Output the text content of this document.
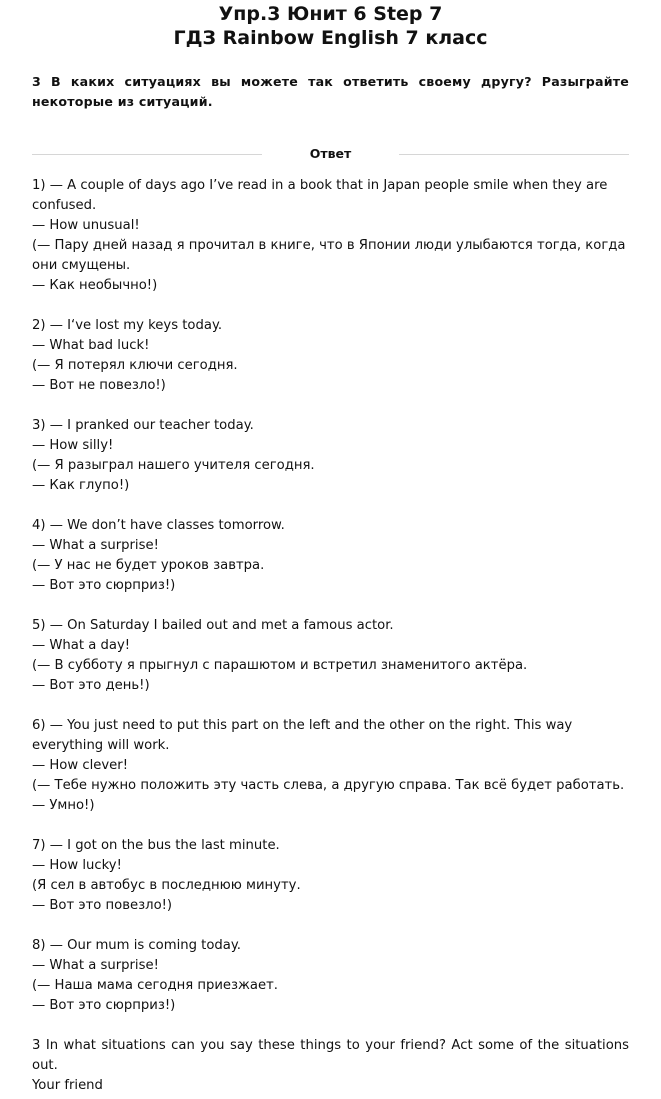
Упр.3 Юнит 6 Step 7
ГДЗ Rainbow English 7 класс
3 В каких ситуациях вы можете так ответить своему другу? Разыграйте некоторые из ситуаций.
Ответ
1) — A couple of days ago I’ve read in a book that in Japan people smile when they are confused.
— How unusual!
(— Пару дней назад я прочитал в книге, что в Японии люди улыбаются тогда, когда они смущены.
— Как необычно!)
2) — I‘ve lost my keys today.
— What bad luck!
(— Я потерял ключи сегодня.
— Вот не повезло!)
3) — I pranked our teacher today.
— How silly!
(— Я разыграл нашего учителя сегодня.
— Как глупо!)
4) — We don’t have classes tomorrow.
— What a surprise!
(— У нас не будет уроков завтра.
— Вот это сюрприз!)
5) — On Saturday I bailed out and met a famous actor.
— What a day!
(— В субботу я прыгнул с парашютом и встретил знаменитого актёра.
— Вот это день!)
6) — You just need to put this part on the left and the other on the right. This way everything will work.
— How clever!
(— Тебе нужно положить эту часть слева, а другую справа. Так всё будет работать.
— Умно!)
7) — I got on the bus the last minute.
— How lucky!
(Я сел в автобус в последнюю минуту.
— Вот это повезло!)
8) — Our mum is coming today.
— What a surprise!
(— Наша мама сегодня приезжает.
— Вот это сюрприз!)
3 In what situations can you say these things to your friend? Act some of the situations out.
Your friend
